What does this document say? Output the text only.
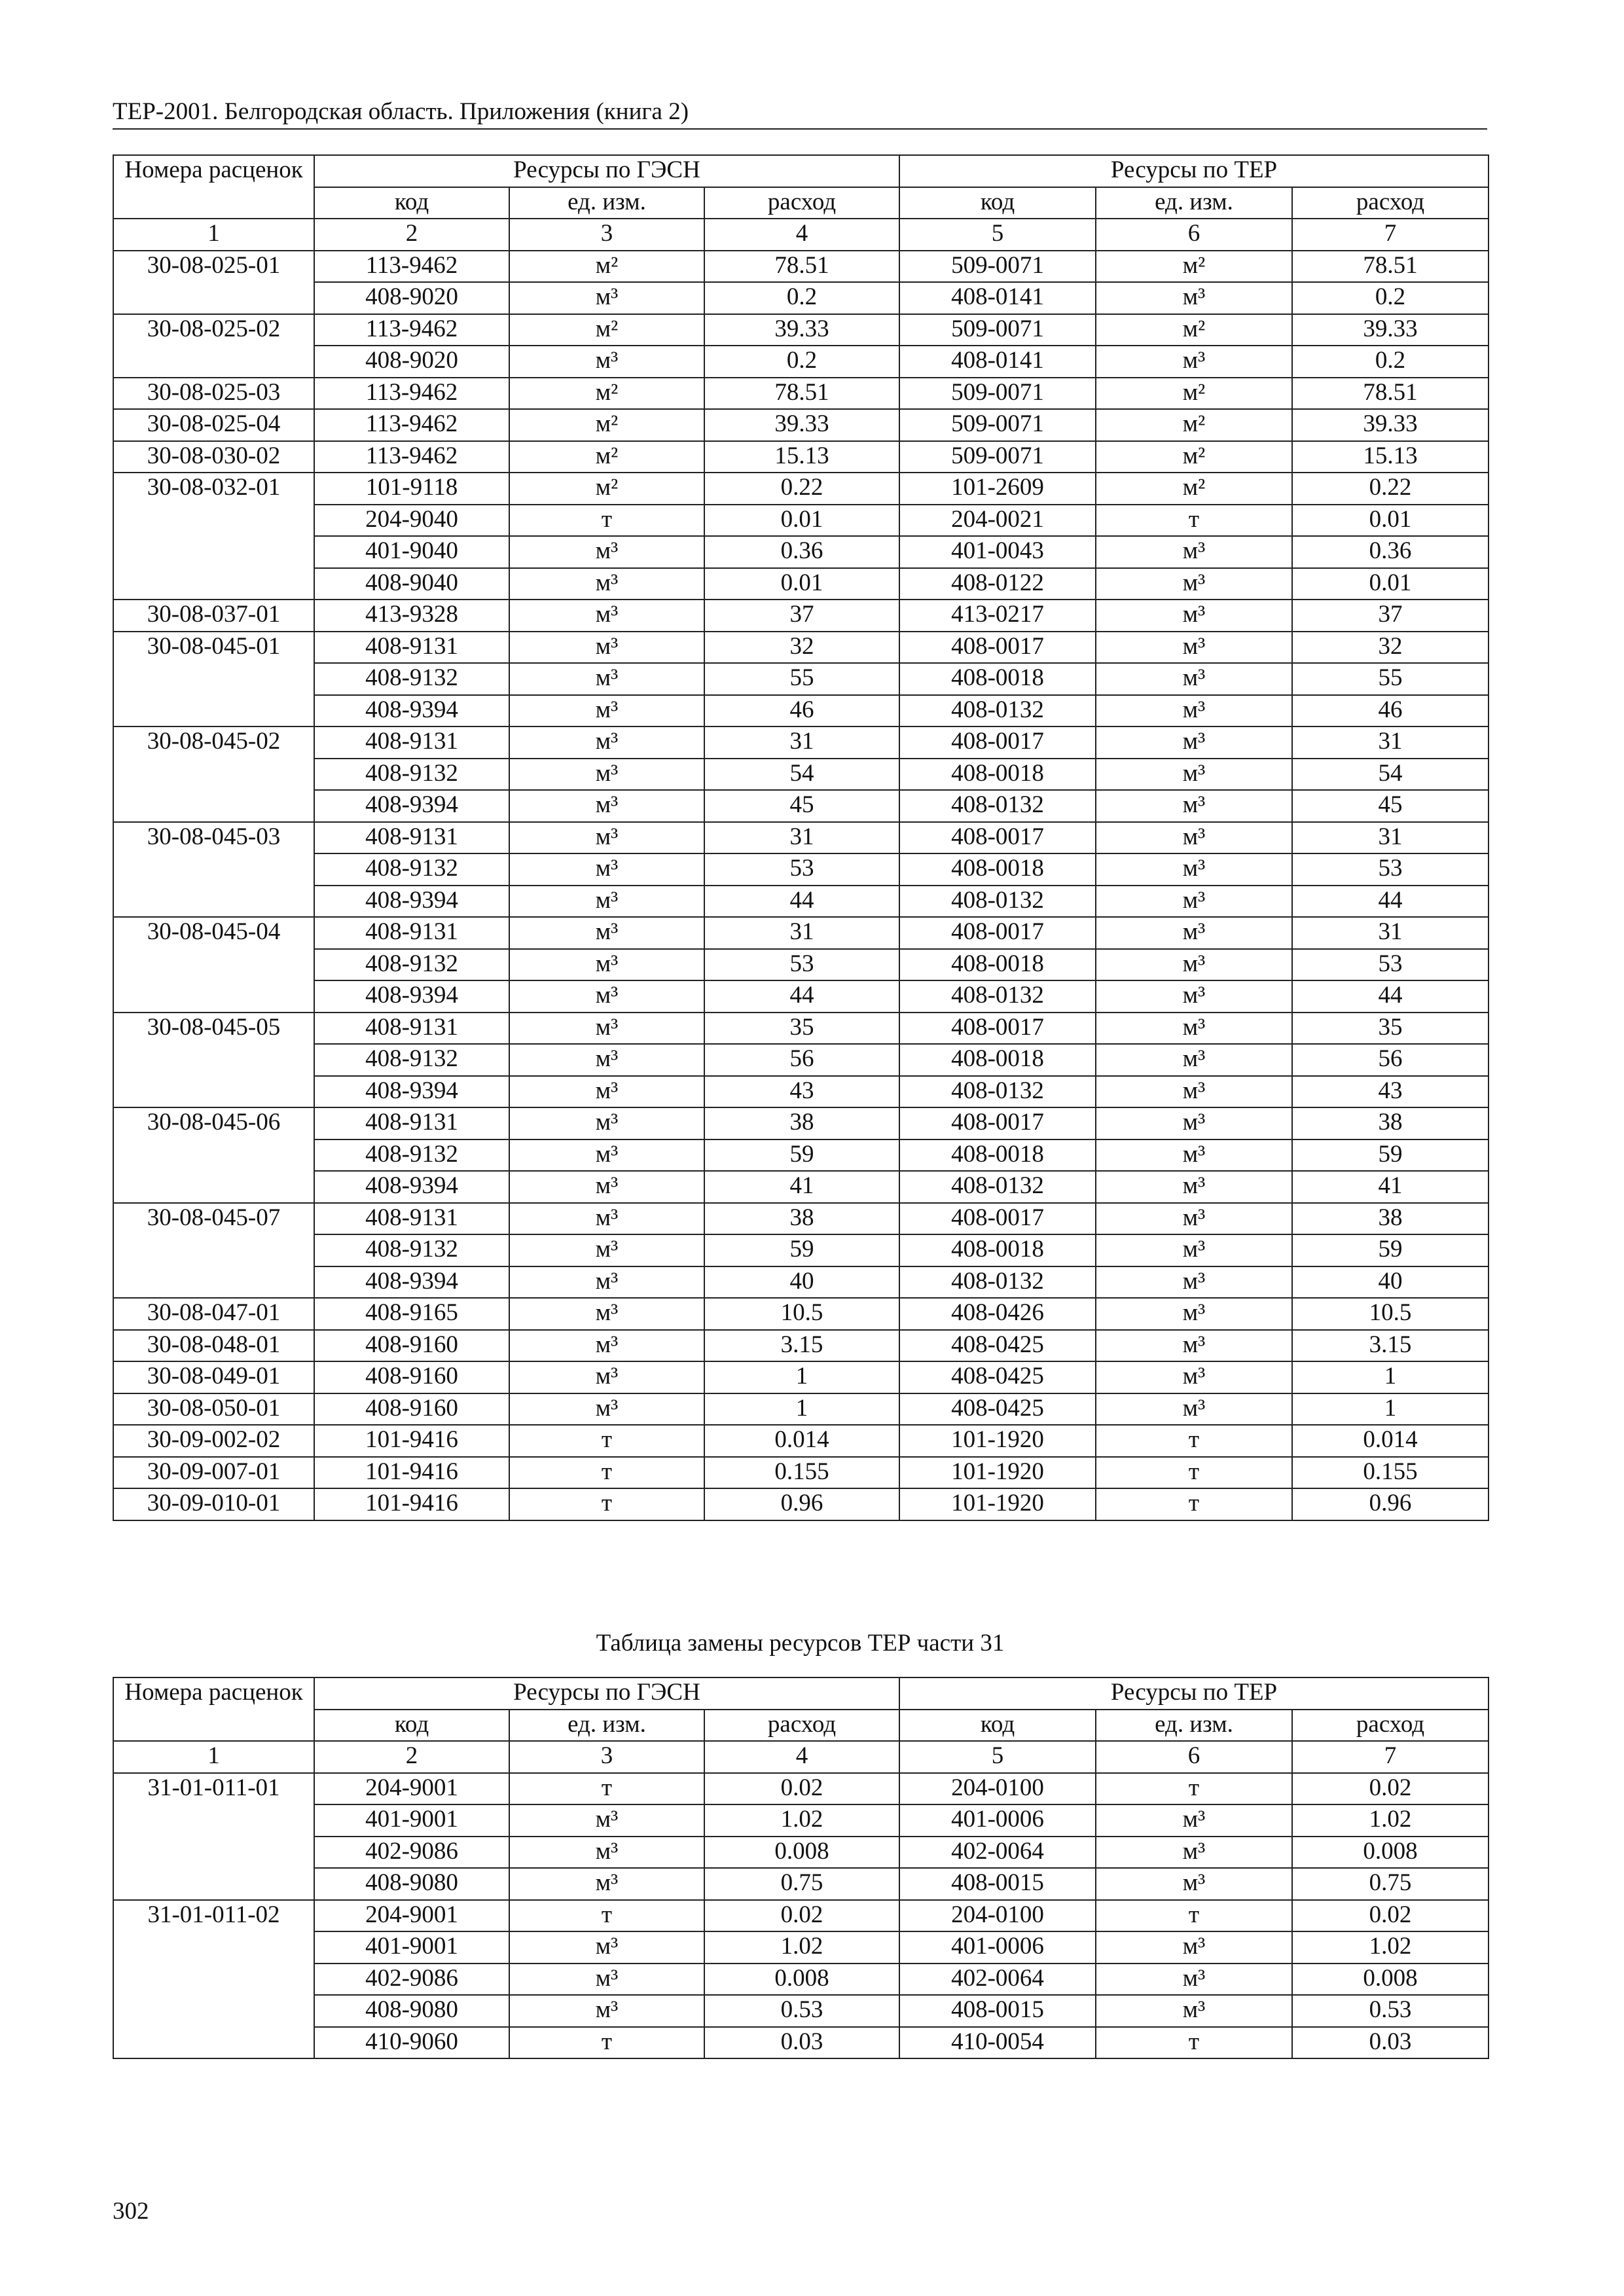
ТЕР-2001. Белгородская область. Приложения (книга 2)
Номера расценок	Ресурсы по ГЭСН			Ресурсы по ТЕР		
	код	ед. изм.	расход	код	ед. изм.	расход
1	2	3	4	5	6	7
30-08-025-01	113-9462	м²	78.51	509-0071	м²	78.51
	408-9020	м³	0.2	408-0141	м³	0.2
30-08-025-02	113-9462	м²	39.33	509-0071	м²	39.33
	408-9020	м³	0.2	408-0141	м³	0.2
30-08-025-03	113-9462	м²	78.51	509-0071	м²	78.51
30-08-025-04	113-9462	м²	39.33	509-0071	м²	39.33
30-08-030-02	113-9462	м²	15.13	509-0071	м²	15.13
30-08-032-01	101-9118	м²	0.22	101-2609	м²	0.22
	204-9040	т	0.01	204-0021	т	0.01
	401-9040	м³	0.36	401-0043	м³	0.36
	408-9040	м³	0.01	408-0122	м³	0.01
30-08-037-01	413-9328	м³	37	413-0217	м³	37
30-08-045-01	408-9131	м³	32	408-0017	м³	32
	408-9132	м³	55	408-0018	м³	55
	408-9394	м³	46	408-0132	м³	46
30-08-045-02	408-9131	м³	31	408-0017	м³	31
	408-9132	м³	54	408-0018	м³	54
	408-9394	м³	45	408-0132	м³	45
30-08-045-03	408-9131	м³	31	408-0017	м³	31
	408-9132	м³	53	408-0018	м³	53
	408-9394	м³	44	408-0132	м³	44
30-08-045-04	408-9131	м³	31	408-0017	м³	31
	408-9132	м³	53	408-0018	м³	53
	408-9394	м³	44	408-0132	м³	44
30-08-045-05	408-9131	м³	35	408-0017	м³	35
	408-9132	м³	56	408-0018	м³	56
	408-9394	м³	43	408-0132	м³	43
30-08-045-06	408-9131	м³	38	408-0017	м³	38
	408-9132	м³	59	408-0018	м³	59
	408-9394	м³	41	408-0132	м³	41
30-08-045-07	408-9131	м³	38	408-0017	м³	38
	408-9132	м³	59	408-0018	м³	59
	408-9394	м³	40	408-0132	м³	40
30-08-047-01	408-9165	м³	10.5	408-0426	м³	10.5
30-08-048-01	408-9160	м³	3.15	408-0425	м³	3.15
30-08-049-01	408-9160	м³	1	408-0425	м³	1
30-08-050-01	408-9160	м³	1	408-0425	м³	1
30-09-002-02	101-9416	т	0.014	101-1920	т	0.014
30-09-007-01	101-9416	т	0.155	101-1920	т	0.155
30-09-010-01	101-9416	т	0.96	101-1920	т	0.96
Таблица замены ресурсов ТЕР части 31
Номера расценок	Ресурсы по ГЭСН			Ресурсы по ТЕР		
	код	ед. изм.	расход	код	ед. изм.	расход
1	2	3	4	5	6	7
31-01-011-01	204-9001	т	0.02	204-0100	т	0.02
	401-9001	м³	1.02	401-0006	м³	1.02
	402-9086	м³	0.008	402-0064	м³	0.008
	408-9080	м³	0.75	408-0015	м³	0.75
31-01-011-02	204-9001	т	0.02	204-0100	т	0.02
	401-9001	м³	1.02	401-0006	м³	1.02
	402-9086	м³	0.008	402-0064	м³	0.008
	408-9080	м³	0.53	408-0015	м³	0.53
	410-9060	т	0.03	410-0054	т	0.03
302
